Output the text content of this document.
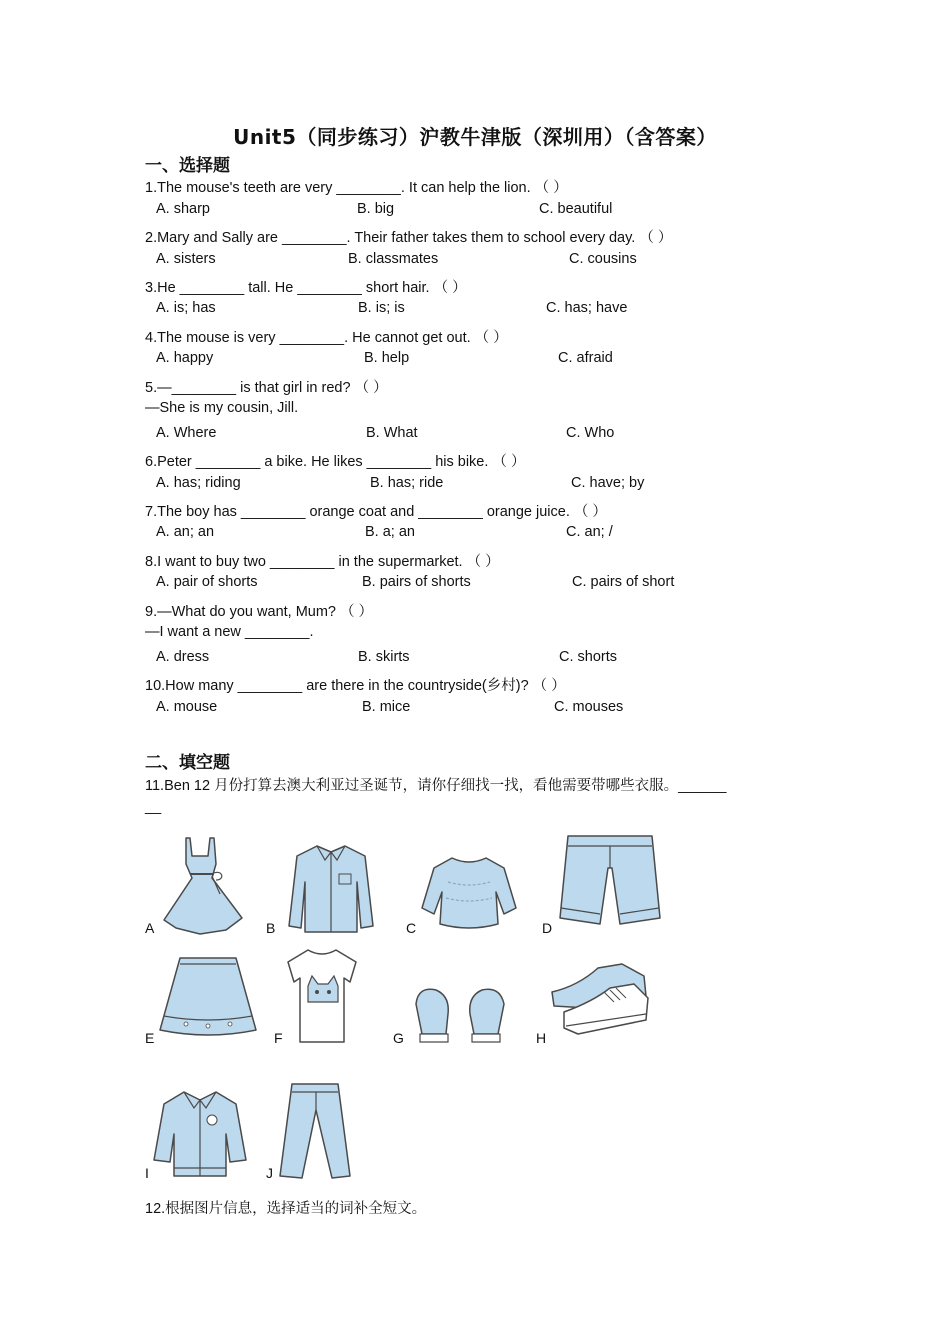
Unit5（同步练习）沪教牛津版（深圳用）（含答案）
一、选择题
1.The mouse's teeth are very ________. It can help the lion. （ ）
A. sharp	B. big	C. beautiful
2.Mary and Sally are ________. Their father takes them to school every day. （ ）
A. sisters	B. classmates	C. cousins
3.He ________ tall. He ________ short hair. （ ）
A. is; has	B. is; is	C. has; have
4.The mouse is very ________. He cannot get out. （ ）
A. happy	B. help	C. afraid
5.—________ is that girl in red? （ ）
—She is my cousin, Jill.
A. Where	B. What	C. Who
6.Peter ________ a bike. He likes ________ his bike. （ ）
A. has; riding	B. has; ride	C. have; by
7.The boy has ________ orange coat and ________ orange juice. （ ）
A. an; an	B. a; an	C. an; /
8.I want to buy two ________ in the supermarket. （ ）
A. pair of shorts	B. pairs of shorts	C. pairs of short
9.—What do you want, Mum? （ ）
—I want a new ________.
A. dress	B. skirts	C. shorts
10.How many ________ are there in the countryside(乡村)? （ ）
A. mouse	B. mice	C. mouses
二、填空题
11.Ben 12 月份打算去澳大利亚过圣诞节，请你仔细找一找，看他需要带哪些衣服。______
__
A	B	C	D
E	F	G	H
I	J
12.根据图片信息，选择适当的词补全短文。
